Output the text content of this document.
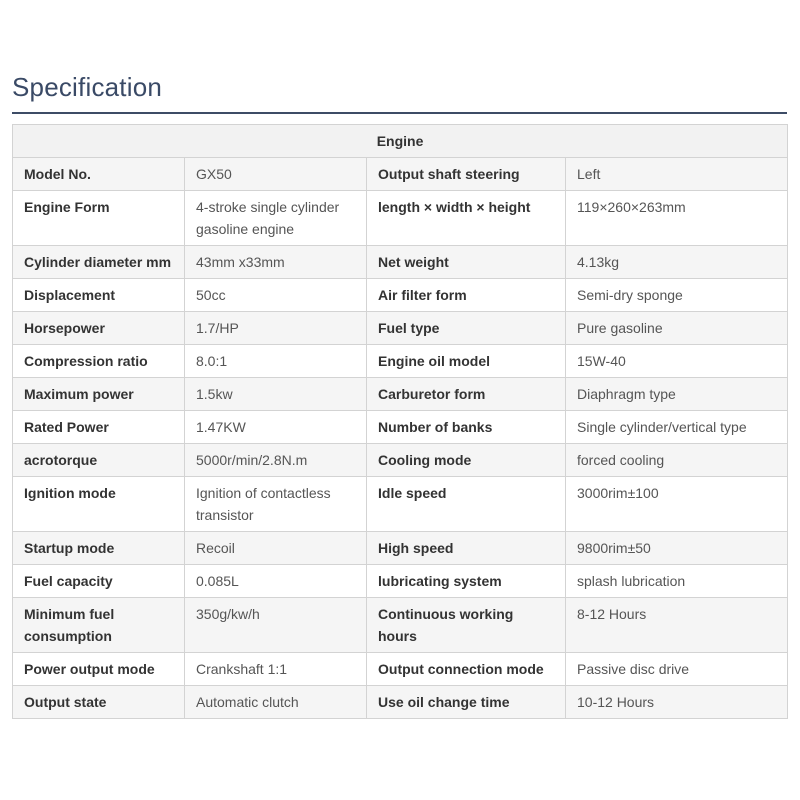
Specification
Engine			
Model No.	GX50	Output shaft steering	Left
Engine Form	4-stroke single cylinder gasoline engine	length × width × height	119×260×263mm
Cylinder diameter mm	43mm x33mm	Net weight	4.13kg
Displacement	50cc	Air filter form	Semi-dry sponge
Horsepower	1.7/HP	Fuel type	Pure gasoline
Compression ratio	8.0:1	Engine oil model	15W-40
Maximum power	1.5kw	Carburetor form	Diaphragm type
Rated Power	1.47KW	Number of banks	Single cylinder/vertical type
acrotorque	5000r/min/2.8N.m	Cooling mode	forced cooling
Ignition mode	Ignition of contactless transistor	Idle speed	3000rim±100
Startup mode	Recoil	High speed	9800rim±50
Fuel capacity	0.085L	lubricating system	splash lubrication
Minimum fuel consumption	350g/kw/h	Continuous working hours	8-12 Hours
Power output mode	Crankshaft 1:1	Output connection mode	Passive disc drive
Output state	Automatic clutch	Use oil change time	10-12 Hours
